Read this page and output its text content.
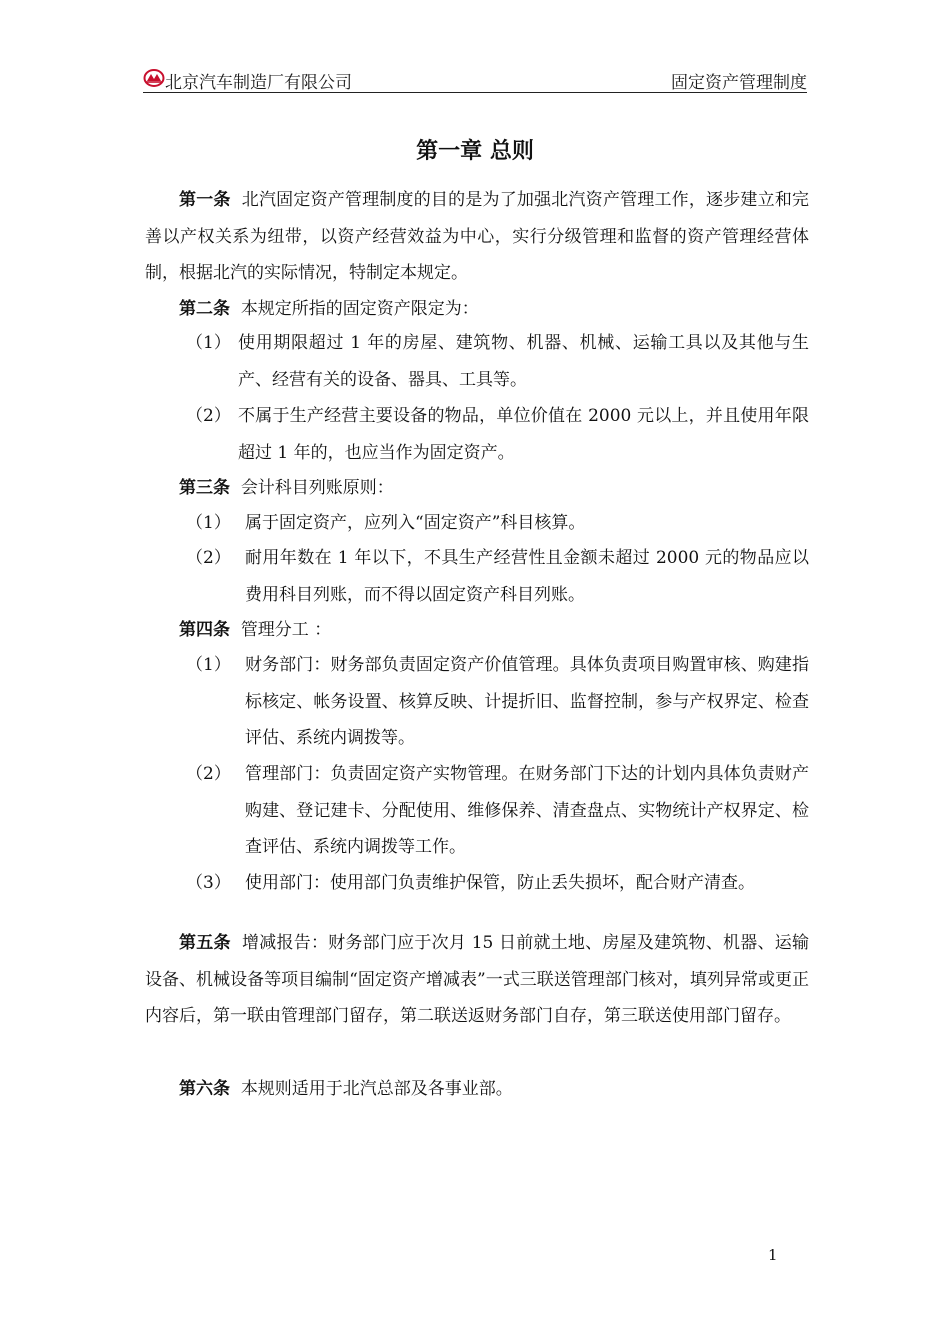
北京汽车制造厂有限公司	固定资产管理制度
第一章 总则
第一条 北汽固定资产管理制度的目的是为了加强北汽资产管理工作，逐步建立和完善以产权关系为纽带，以资产经营效益为中心，实行分级管理和监督的资产管理经营体制，根据北汽的实际情况，特制定本规定。
第二条 本规定所指的固定资产限定为：
（1） 使用期限超过 1 年的房屋、建筑物、机器、机械、运输工具以及其他与生产、经营有关的设备、器具、工具等。
（2） 不属于生产经营主要设备的物品，单位价值在 2000 元以上，并且使用年限超过 1 年的，也应当作为固定资产。
第三条 会计科目列账原则：
（1） 属于固定资产，应列入“固定资产”科目核算。
（2） 耐用年数在 1 年以下，不具生产经营性且金额未超过 2000 元的物品应以费用科目列账，而不得以固定资产科目列账。
第四条 管理分工 ：
（1） 财务部门：财务部负责固定资产价值管理。具体负责项目购置审核、购建指标核定、帐务设置、核算反映、计提折旧、监督控制，参与产权界定、检查评估、系统内调拨等。
（2） 管理部门：负责固定资产实物管理。在财务部门下达的计划内具体负责财产购建、登记建卡、分配使用、维修保养、清查盘点、实物统计产权界定、检查评估、系统内调拨等工作。
（3） 使用部门：使用部门负责维护保管，防止丢失损坏，配合财产清查。
第五条 增减报告：财务部门应于次月 15 日前就土地、房屋及建筑物、机器、运输设备、机械设备等项目编制“固定资产增减表”一式三联送管理部门核对，填列异常或更正内容后，第一联由管理部门留存，第二联送返财务部门自存，第三联送使用部门留存。
第六条 本规则适用于北汽总部及各事业部。
1
